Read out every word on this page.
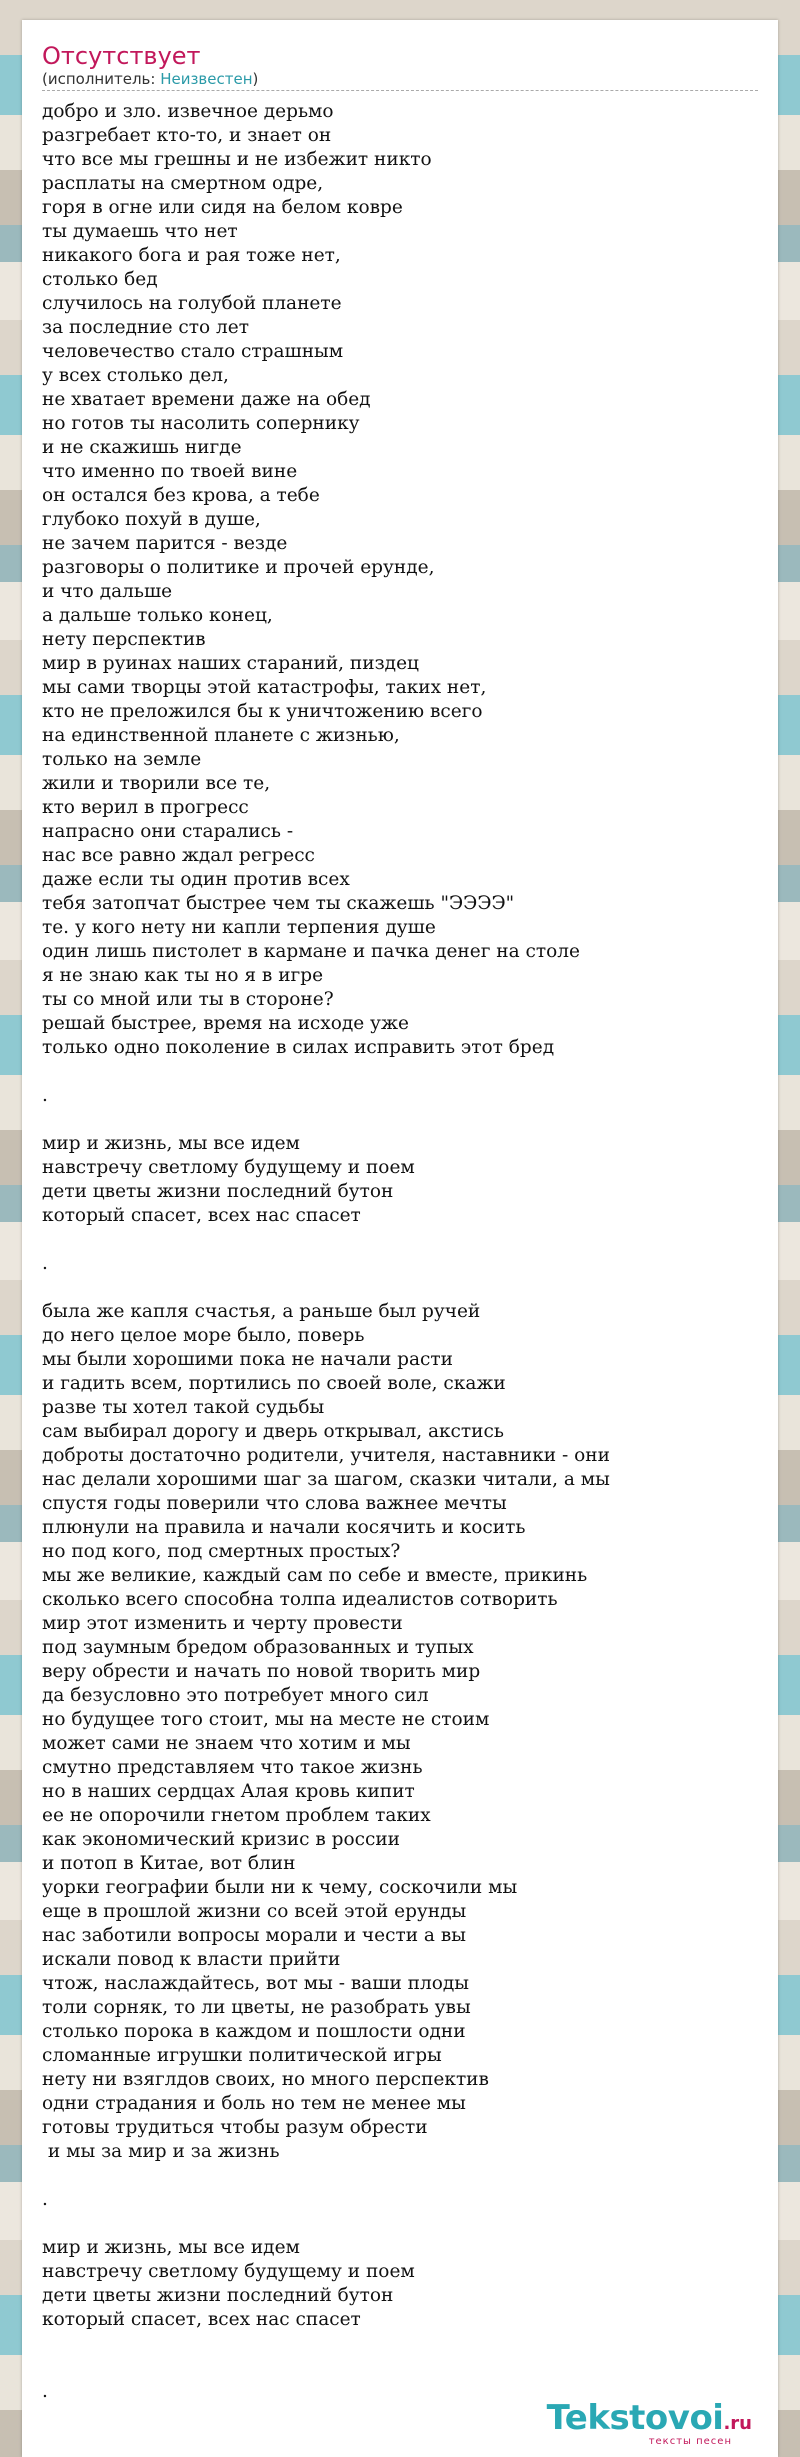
Отсутствует
(исполнитель: Неизвестен)
добро и зло. извечное дерьмо
разгребает кто-то, и знает он
что все мы грешны и не избежит никто
расплаты на смертном одре,
горя в огне или сидя на белом ковре
ты думаешь что нет
никакого бога и рая тоже нет,
столько бед
случилось на голубой планете
за последние сто лет
человечество стало страшным
у всех столько дел,
не хватает времени даже на обед
но готов ты насолить сопернику
и не скажишь нигде
что именно по твоей вине
он остался без крова, а тебе
глубоко похуй в душе,
не зачем парится - везде
разговоры о политике и прочей ерунде,
и что дальше
а дальше только конец,
нету перспектив
мир в руинах наших стараний, пиздец
мы сами творцы этой катастрофы, таких нет,
кто не преложился бы к уничтожению всего
на единственной планете с жизнью,
только на земле
жили и творили все те,
кто верил в прогресс
напрасно они старались -
нас все равно ждал регресс
даже если ты один против всех
тебя затопчат быстрее чем ты скажешь "ЭЭЭЭ"
те. у кого нету ни капли терпения душе
один лишь пистолет в кармане и пачка денег на столе
я не знаю как ты но я в игре
ты со мной или ты в стороне?
решай быстрее, время на исходе уже
только одно поколение в силах исправить этот бред

.

мир и жизнь, мы все идем
навстречу светлому будущему и поем
дети цветы жизни последний бутон
который спасет, всех нас спасет

.

была же капля счастья, а раньше был ручей
до него целое море было, поверь
мы были хорошими пока не начали расти
и гадить всем, портились по своей воле, скажи
разве ты хотел такой судьбы
сам выбирал дорогу и дверь открывал, акстись
доброты достаточно родители, учителя, наставники - они
нас делали хорошими шаг за шагом, сказки читали, а мы
спустя годы поверили что слова важнее мечты
плюнули на правила и начали косячить и косить
но под кого, под смертных простых?
мы же великие, каждый сам по себе и вместе, прикинь
сколько всего способна толпа идеалистов сотворить
мир этот изменить и черту провести
под заумным бредом образованных и тупых
веру обрести и начать по новой творить мир
да безусловно это потребует много сил
но будущее того стоит, мы на месте не стоим
может сами не знаем что хотим и мы
смутно представляем что такое жизнь
но в наших сердцах Алая кровь кипит
ее не опорочили гнетом проблем таких
как экономический кризис в россии
и потоп в Китае, вот блин
уорки географии были ни к чему, соскочили мы
еще в прошлой жизни со всей этой ерунды
нас заботили вопросы морали и чести а вы
искали повод к власти прийти
чтож, наслаждайтесь, вот мы - ваши плоды
толи сорняк, то ли цветы, не разобрать увы
столько порока в каждом и пошлости одни
сломанные игрушки политической игры
нету ни взяглдов своих, но много перспектив
одни страдания и боль но тем не менее мы
готовы трудиться чтобы разум обрести
и мы за мир и за жизнь

.

мир и жизнь, мы все идем
навстречу светлому будущему и поем
дети цветы жизни последний бутон
который спасет, всех нас спасет

.
Tekstovoi.ru
тексты песен
